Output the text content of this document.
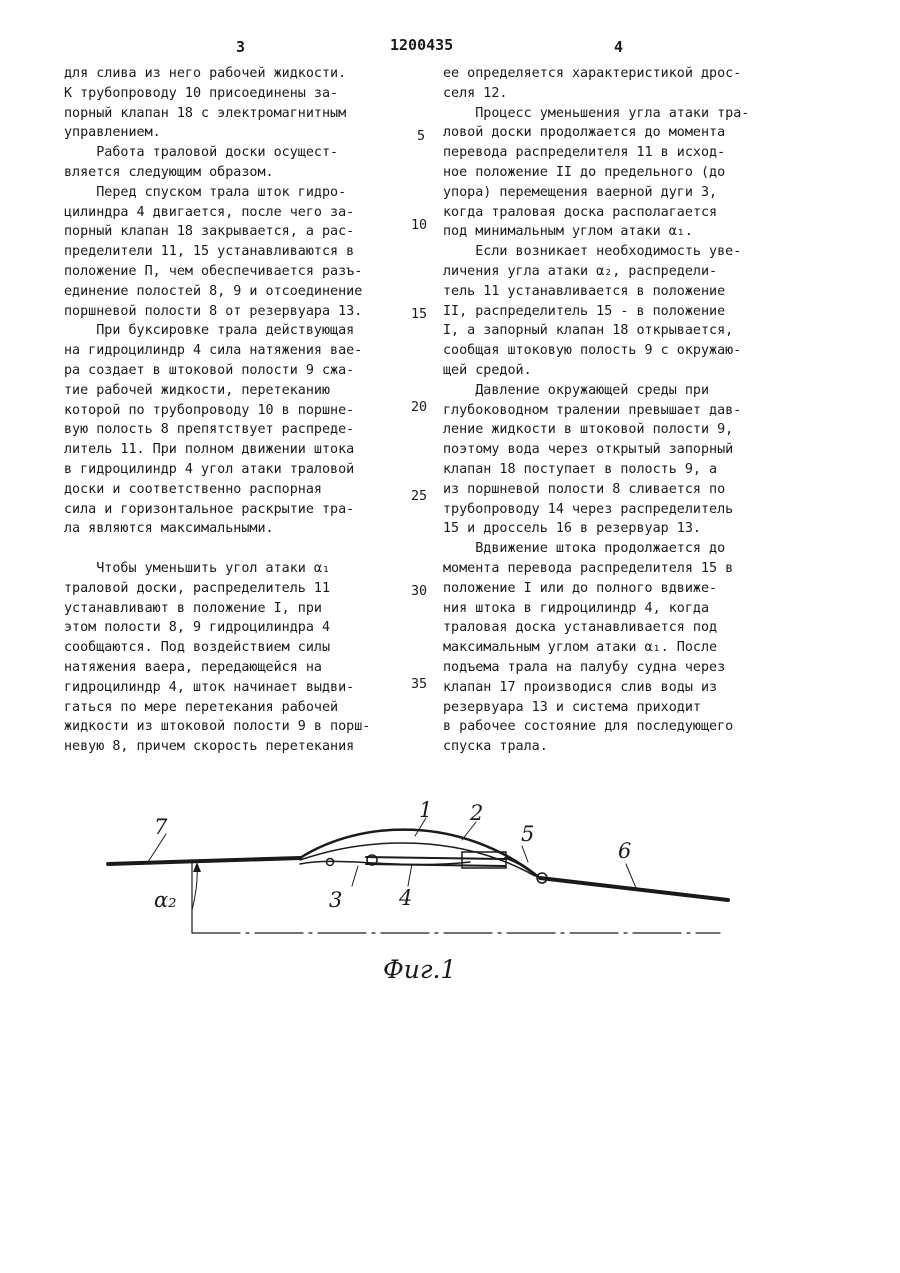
3	1200435	4
для слива из него рабочей жидкости.
К трубопроводу 10 присоединены за-
порный клапан 18 с электромагнитным
управлением.
Работа траловой доски осущест-
вляется следующим образом.
Перед спуском трала шток гидро-
цилиндра 4 двигается, после чего за-
порный клапан 18 закрывается, а рас-
пределители 11, 15 устанавливаются в
положение П, чем обеспечивается разъ-
единение полостей 8, 9 и отсоединение
поршневой полости 8 от резервуара 13.
При буксировке трала действующая
на гидроцилиндр 4 сила натяжения вае-
ра создает в штоковой полости 9 сжа-
тие рабочей жидкости, перетеканию
которой по трубопроводу 10 в поршне-
вую полость 8 препятствует распреде-
литель 11. При полном движении штока
в гидроцилиндр 4 угол атаки траловой
доски и соответственно распорная
сила и горизонтальное раскрытие тра-
ла являются максимальными.
Чтобы уменьшить угол атаки α₁
траловой доски, распределитель 11
устанавливают в положение I, при
этом полости 8, 9 гидроцилиндра 4
сообщаются. Под воздействием силы
натяжения ваера, передающейся на
гидроцилиндр 4, шток начинает выдви-
гаться по мере перетекания рабочей
жидкости из штоковой полости 9 в порш-
невую 8, причем скорость перетекания
ее определяется характеристикой дрос-
селя 12.
Процесс уменьшения угла атаки тра-
ловой доски продолжается до момента
перевода распределителя 11 в исход-
ное положение II до предельного (до
упора) перемещения ваерной дуги 3,
когда траловая доска располагается
под минимальным углом атаки α₁.
Если возникает необходимость уве-
личения угла атаки α₂, распредели-
тель 11 устанавливается в положение
II, распределитель 15 - в положение
I, а запорный клапан 18 открывается,
сообщая штоковую полость 9 с окружаю-
щей средой.
Давление окружающей среды при
глубоководном тралении превышает дав-
ление жидкости в штоковой полости 9,
поэтому вода через открытый запорный
клапан 18 поступает в полость 9, а
из поршневой полости 8 сливается по
трубопроводу 14 через распределитель
15 и дроссель 16 в резервуар 13.
Вдвижение штока продолжается до
момента перевода распределителя 15 в
положение I или до полного вдвиже-
ния штока в гидроцилиндр 4, когда
траловая доска устанавливается под
максимальным углом атаки α₁. После
подъема трала на палубу судна через
клапан 17 производися слив воды из
резервуара 13 и система приходит
в рабочее состояние для последующего
спуска трала.
5
10
15
20
25
30
35
7
1 2
5
6
3	4
α₂
Фиг.1
